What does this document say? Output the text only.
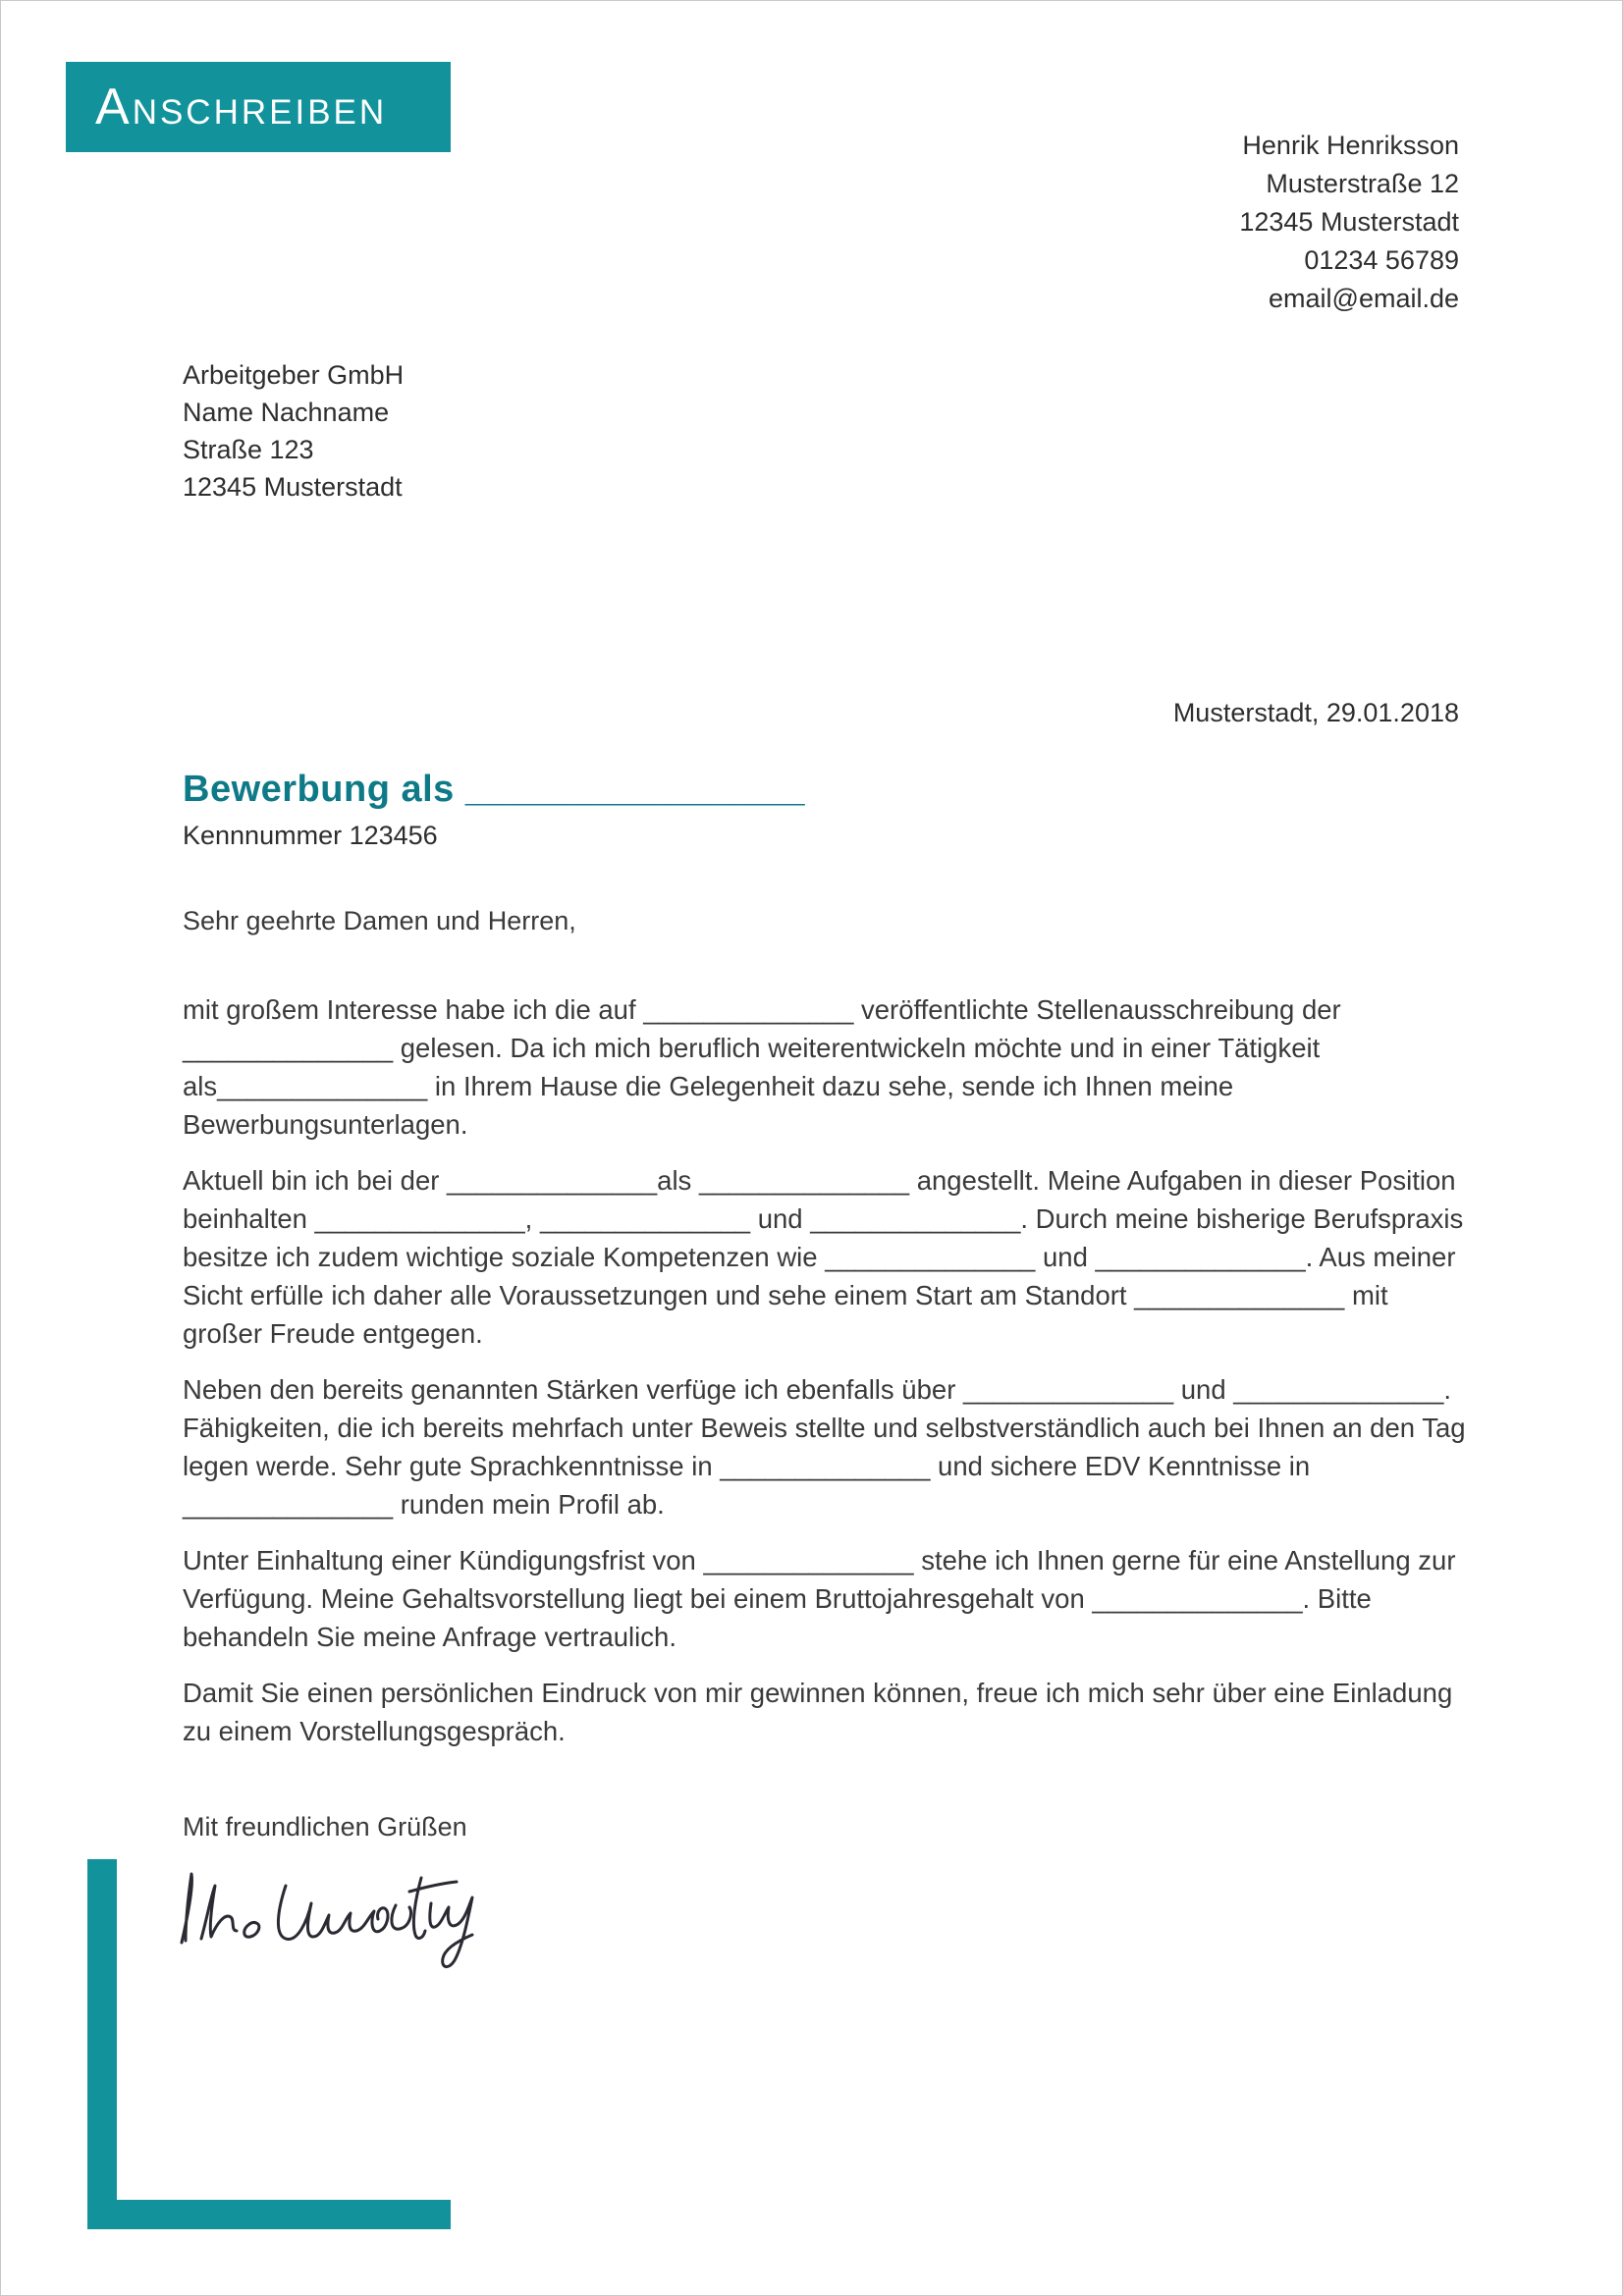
ANSCHREIBEN
Henrik Henriksson
Musterstraße 12
12345 Musterstadt
01234 56789
email@email.de
Arbeitgeber GmbH
Name Nachname
Straße 123
12345 Musterstadt
Musterstadt, 29.01.2018
Bewerbung als ________________
Kennnummer 123456
Sehr geehrte Damen und Herren,

mit großem Interesse habe ich die auf ______________ veröffentlichte Stellenausschreibung der ______________ gelesen. Da ich mich beruflich weiterentwickeln möchte und in einer Tätigkeit als______________ in Ihrem Hause die Gelegenheit dazu sehe, sende ich Ihnen meine Bewerbungsunterlagen.

Aktuell bin ich bei der ______________als ______________ angestellt. Meine Aufgaben in dieser Position beinhalten ______________, ______________ und ______________. Durch meine bisherige Berufspraxis besitze ich zudem wichtige soziale Kompetenzen wie ______________ und ______________. Aus meiner Sicht erfülle ich daher alle Voraussetzungen und sehe einem Start am Standort ______________ mit großer Freude entgegen.

Neben den bereits genannten Stärken verfüge ich ebenfalls über ______________ und ______________. Fähigkeiten, die ich bereits mehrfach unter Beweis stellte und selbstverständlich auch bei Ihnen an den Tag legen werde. Sehr gute Sprachkenntnisse in ______________ und sichere EDV Kenntnisse in ______________ runden mein Profil ab.

Unter Einhaltung einer Kündigungsfrist von ______________ stehe ich Ihnen gerne für eine Anstellung zur Verfügung. Meine Gehaltsvorstellung liegt bei einem Bruttojahresgehalt von ______________. Bitte behandeln Sie meine Anfrage vertraulich.

Damit Sie einen persönlichen Eindruck von mir gewinnen können, freue ich mich sehr über eine Einladung zu einem Vorstellungsgespräch.

Mit freundlichen Grüßen
